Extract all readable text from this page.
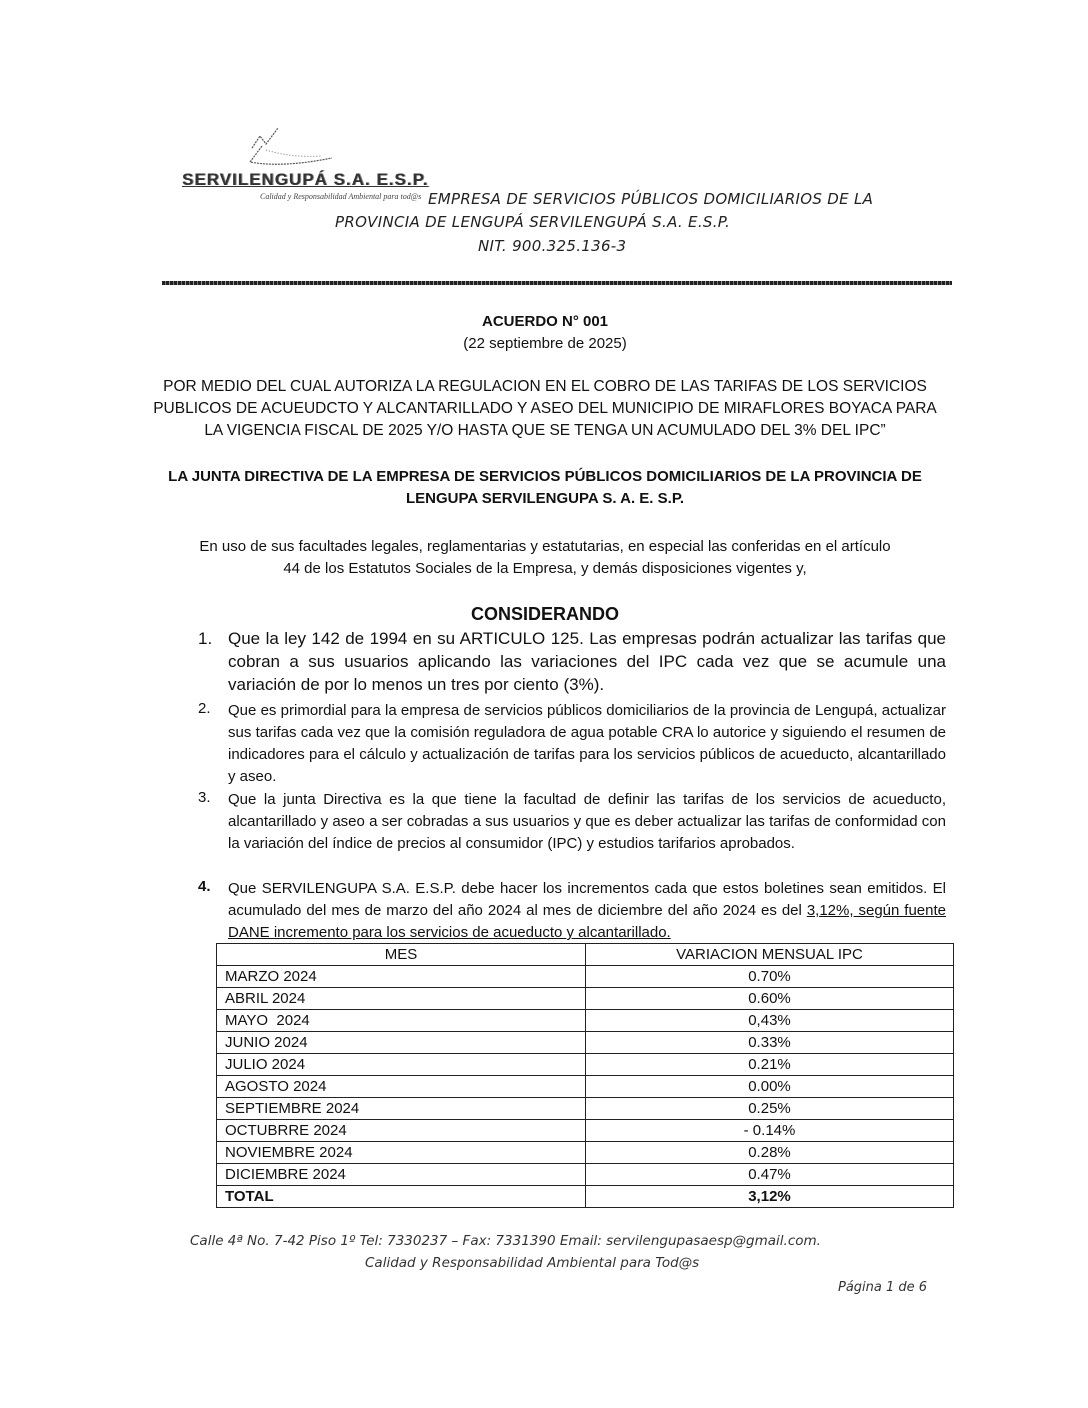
SERVILENGUPÁ S.A. E.S.P.
Calidad y Responsabilidad Ambiental para tod@s EMPRESA DE SERVICIOS PÚBLICOS DOMICILIARIOS DE LA
PROVINCIA DE LENGUPÁ SERVILENGUPÁ S.A. E.S.P.
NIT. 900.325.136-3
ACUERDO N° 001
(22 septiembre de 2025)
POR MEDIO DEL CUAL AUTORIZA LA REGULACION EN EL COBRO DE LAS TARIFAS DE LOS SERVICIOS
PUBLICOS DE ACUEUDCTO Y ALCANTARILLADO Y ASEO DEL MUNICIPIO DE MIRAFLORES BOYACA PARA
LA VIGENCIA FISCAL DE 2025 Y/O HASTA QUE SE TENGA UN ACUMULADO DEL 3% DEL IPC”
LA JUNTA DIRECTIVA DE LA EMPRESA DE SERVICIOS PÚBLICOS DOMICILIARIOS DE LA PROVINCIA DE
LENGUPA SERVILENGUPA S. A. E. S.P.
En uso de sus facultades legales, reglamentarias y estatutarias, en especial las conferidas en el artículo
44 de los Estatutos Sociales de la Empresa, y demás disposiciones vigentes y,
CONSIDERANDO
1. Que la ley 142 de 1994 en su ARTICULO 125. Las empresas podrán actualizar las tarifas que cobran a sus usuarios aplicando las variaciones del IPC cada vez que se acumule una variación de por lo menos un tres por ciento (3%).
2. Que es primordial para la empresa de servicios públicos domiciliarios de la provincia de Lengupá, actualizar sus tarifas cada vez que la comisión reguladora de agua potable CRA lo autorice y siguiendo el resumen de indicadores para el cálculo y actualización de tarifas para los servicios públicos de acueducto, alcantarillado y aseo.
3. Que la junta Directiva es la que tiene la facultad de definir las tarifas de los servicios de acueducto, alcantarillado y aseo a ser cobradas a sus usuarios y que es deber actualizar las tarifas de conformidad con la variación del índice de precios al consumidor (IPC) y estudios tarifarios aprobados.
4. Que SERVILENGUPA S.A. E.S.P. debe hacer los incrementos cada que estos boletines sean emitidos. El acumulado del mes de marzo del año 2024 al mes de diciembre del año 2024 es del 3,12%, según fuente DANE incremento para los servicios de acueducto y alcantarillado.
MES	VARIACION MENSUAL IPC
MARZO 2024	0.70%
ABRIL 2024	0.60%
MAYO  2024	0,43%
JUNIO 2024	0.33%
JULIO 2024	0.21%
AGOSTO 2024	0.00%
SEPTIEMBRE 2024	0.25%
OCTUBRRE 2024	- 0.14%
NOVIEMBRE 2024	0.28%
DICIEMBRE 2024	0.47%
TOTAL	3,12%
Calle 4ª No. 7-42 Piso 1º Tel: 7330237 – Fax: 7331390 Email: servilengupasaesp@gmail.com.
Calidad y Responsabilidad Ambiental para Tod@s
Página 1 de 6
